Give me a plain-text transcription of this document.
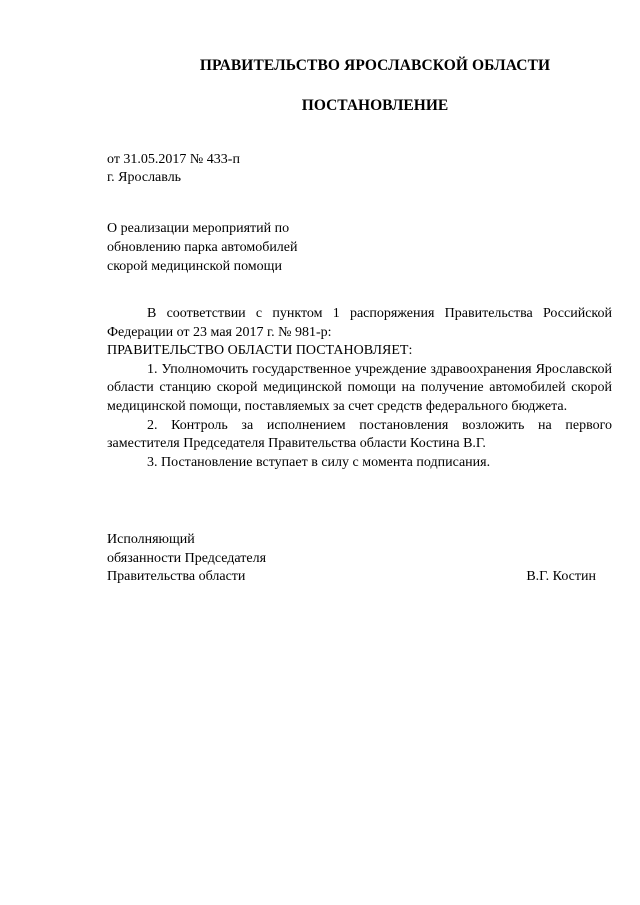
ПРАВИТЕЛЬСТВО ЯРОСЛАВСКОЙ ОБЛАСТИ
ПОСТАНОВЛЕНИЕ
от 31.05.2017 № 433-п
г. Ярославль
О реализации мероприятий по
обновлению парка автомобилей
скорой медицинской помощи

В соответствии с пунктом 1 распоряжения Правительства Российской Федерации от 23 мая 2017 г. № 981-р:

ПРАВИТЕЛЬСТВО ОБЛАСТИ ПОСТАНОВЛЯЕТ:

1. Уполномочить государственное учреждение здравоохранения Ярославской области станцию скорой медицинской помощи на получение автомобилей скорой медицинской помощи, поставляемых за счет средств федерального бюджета.

2. Контроль за исполнением постановления возложить на первого заместителя Председателя Правительства области Костина В.Г.

3. Постановление вступает в силу с момента подписания.

Исполняющий
обязанности Председателя
Правительства области	В.Г. Костин
